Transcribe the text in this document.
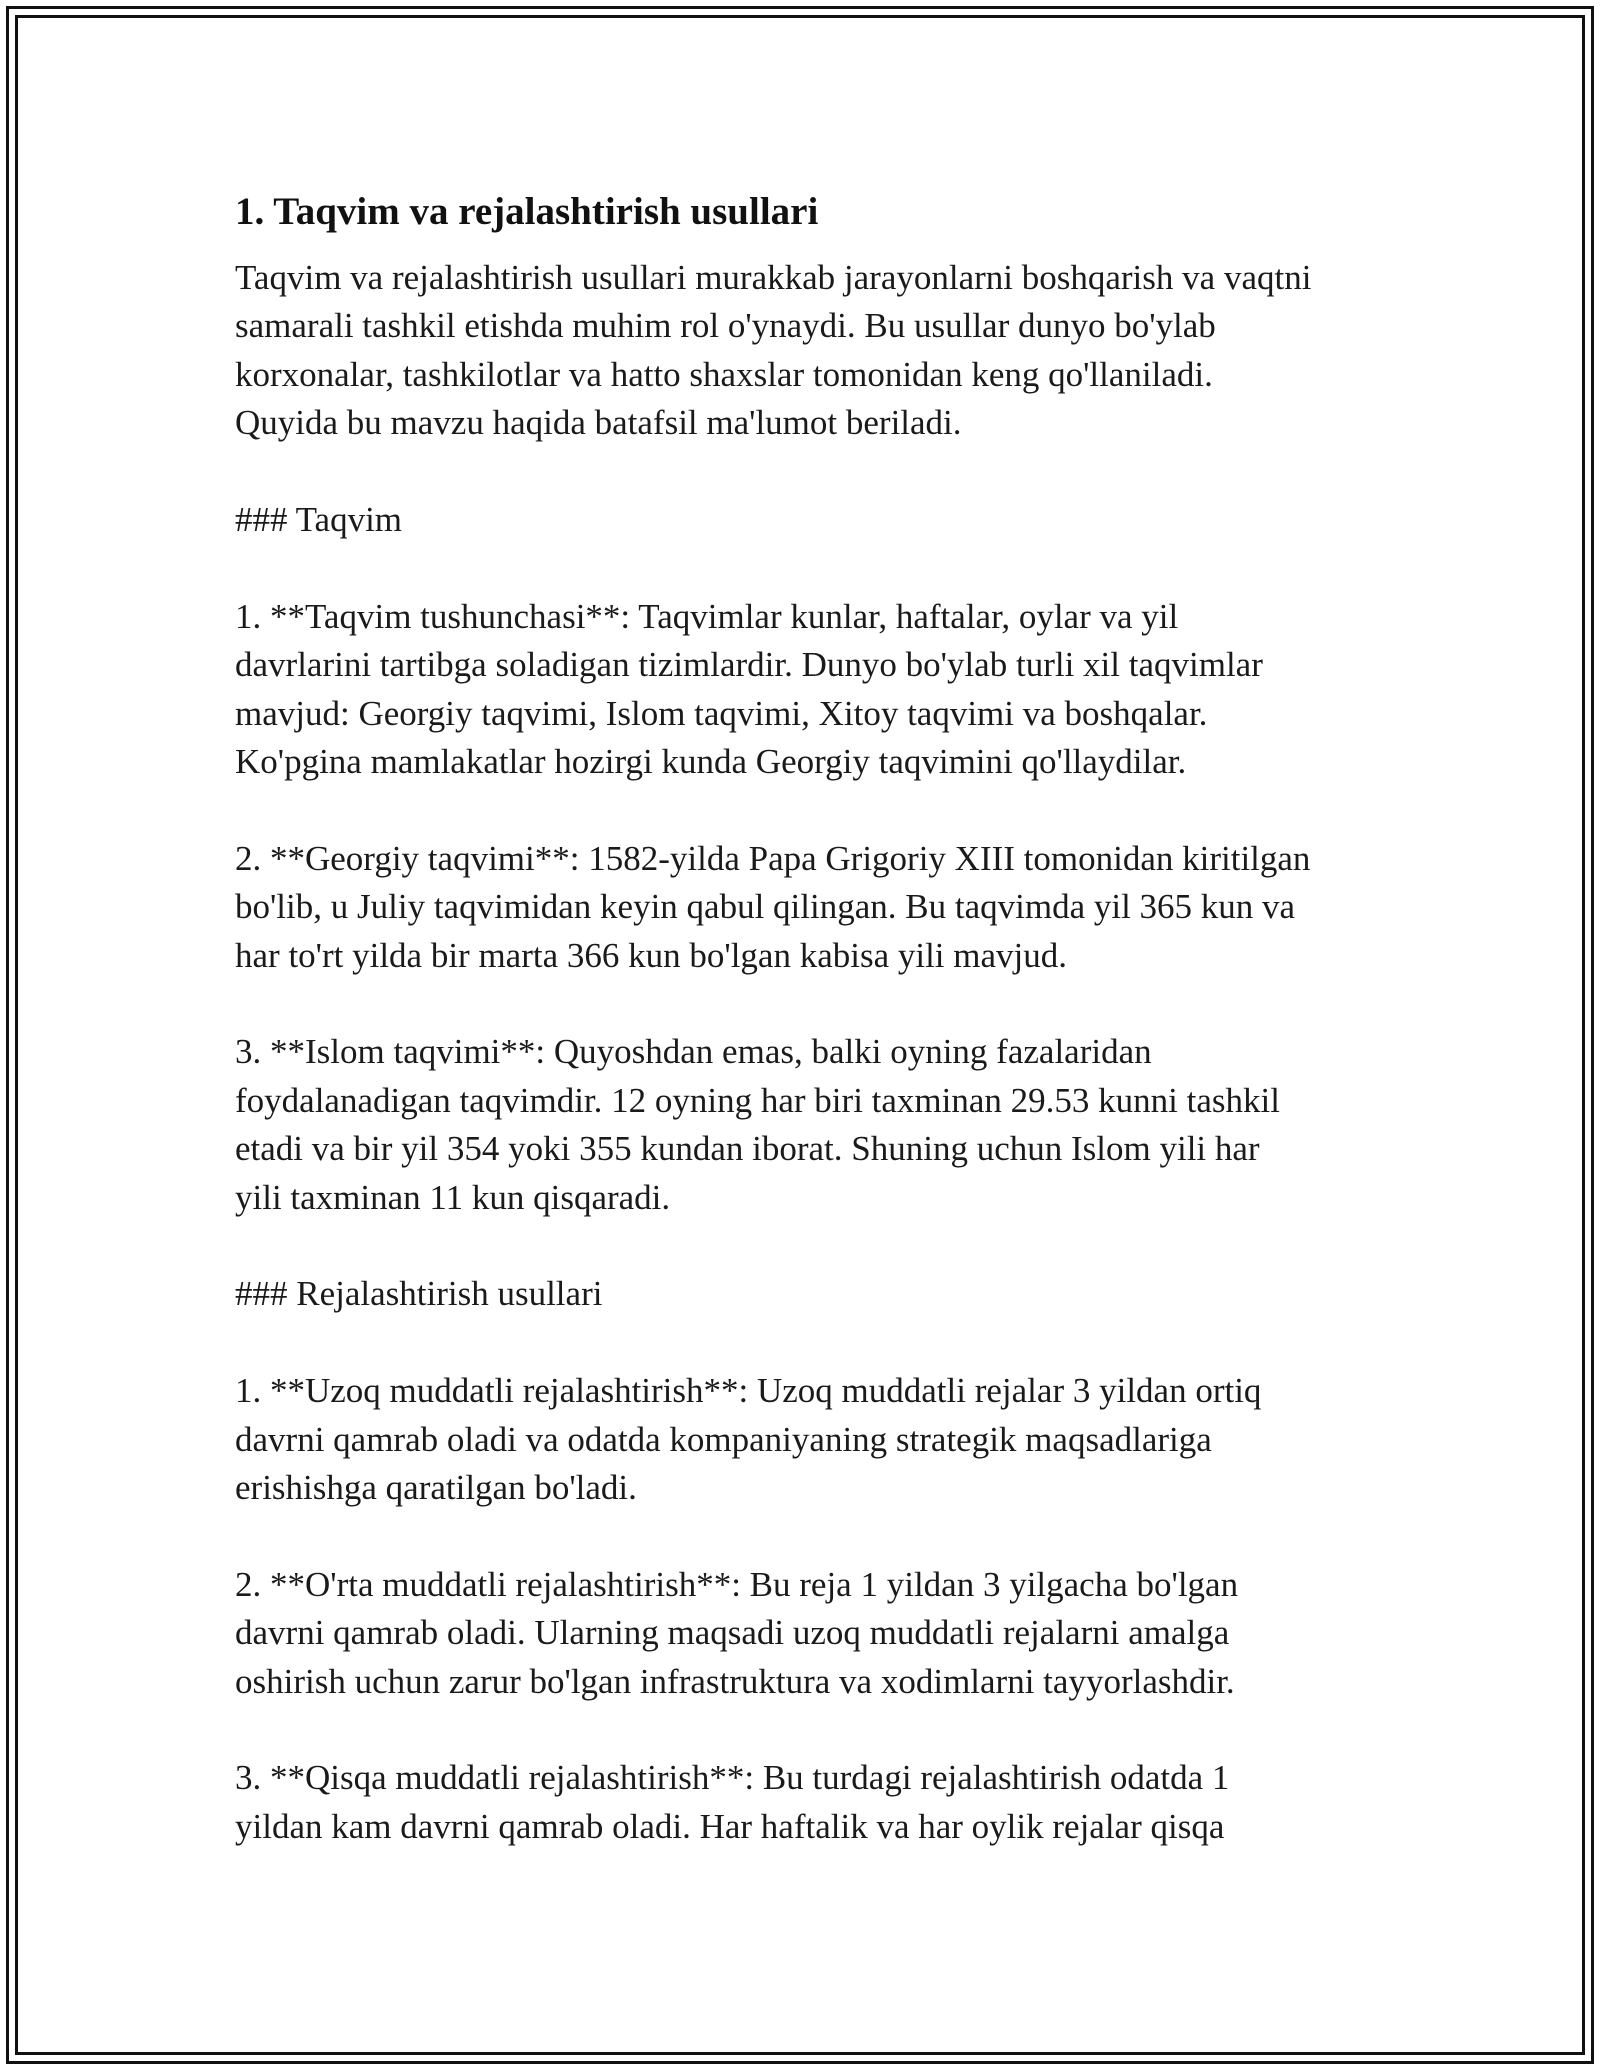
1. Taqvim va rejalashtirish usullari

Taqvim va rejalashtirish usullari murakkab jarayonlarni boshqarish va vaqtni
samarali tashkil etishda muhim rol o'ynaydi. Bu usullar dunyo bo'ylab
korxonalar, tashkilotlar va hatto shaxslar tomonidan keng qo'llaniladi.
Quyida bu mavzu haqida batafsil ma'lumot beriladi.

### Taqvim

1. **Taqvim tushunchasi**: Taqvimlar kunlar, haftalar, oylar va yil
davrlarini tartibga soladigan tizimlardir. Dunyo bo'ylab turli xil taqvimlar
mavjud: Georgiy taqvimi, Islom taqvimi, Xitoy taqvimi va boshqalar.
Ko'pgina mamlakatlar hozirgi kunda Georgiy taqvimini qo'llaydilar.

2. **Georgiy taqvimi**: 1582-yilda Papa Grigoriy XIII tomonidan kiritilgan
bo'lib, u Juliy taqvimidan keyin qabul qilingan. Bu taqvimda yil 365 kun va
har to'rt yilda bir marta 366 kun bo'lgan kabisa yili mavjud.

3. **Islom taqvimi**: Quyoshdan emas, balki oyning fazalaridan
foydalanadigan taqvimdir. 12 oyning har biri taxminan 29.53 kunni tashkil
etadi va bir yil 354 yoki 355 kundan iborat. Shuning uchun Islom yili har
yili taxminan 11 kun qisqaradi.

### Rejalashtirish usullari

1. **Uzoq muddatli rejalashtirish**: Uzoq muddatli rejalar 3 yildan ortiq
davrni qamrab oladi va odatda kompaniyaning strategik maqsadlariga
erishishga qaratilgan bo'ladi.

2. **O'rta muddatli rejalashtirish**: Bu reja 1 yildan 3 yilgacha bo'lgan
davrni qamrab oladi. Ularning maqsadi uzoq muddatli rejalarni amalga
oshirish uchun zarur bo'lgan infrastruktura va xodimlarni tayyorlashdir.

3. **Qisqa muddatli rejalashtirish**: Bu turdagi rejalashtirish odatda 1
yildan kam davrni qamrab oladi. Har haftalik va har oylik rejalar qisqa
